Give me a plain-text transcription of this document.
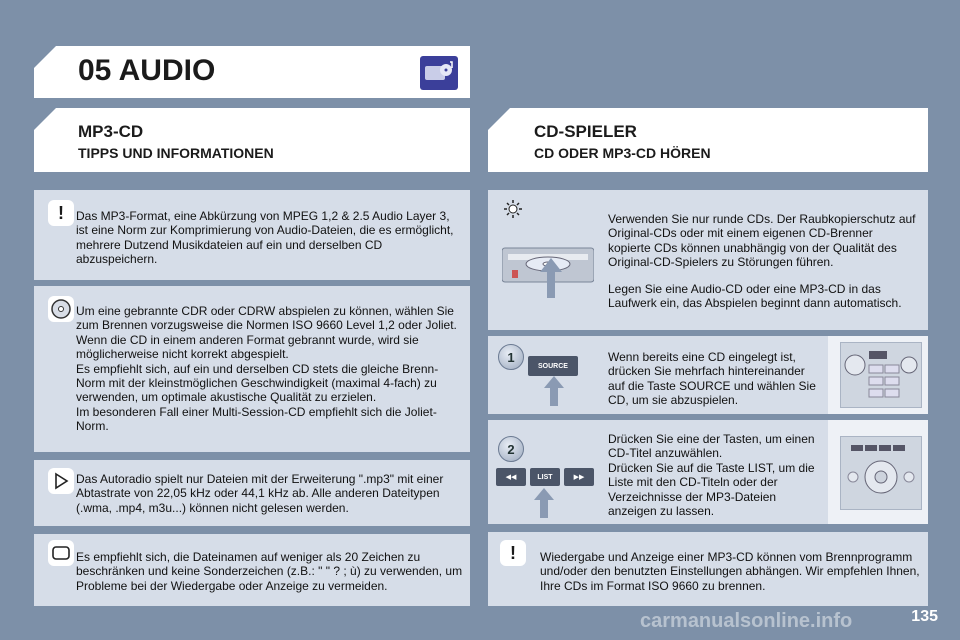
05 AUDIO
MP3-CD
TIPPS UND INFORMATIONEN
CD-SPIELER
CD ODER MP3-CD HÖREN
!	Das MP3-Format, eine Abkürzung von MPEG 1,2 & 2.5 Audio Layer 3, ist eine Norm zur Komprimierung von Audio-Dateien, die es ermöglicht, mehrere Dutzend Musikdateien auf ein und derselben CD abzuspeichern.
Um eine gebrannte CDR oder CDRW abspielen zu können, wählen Sie zum Brennen vorzugsweise die Normen ISO 9660 Level 1,2 oder Joliet.
Wenn die CD in einem anderen Format gebrannt wurde, wird sie möglicherweise nicht korrekt abgespielt.
Es empfiehlt sich, auf ein und derselben CD stets die gleiche Brenn-Norm mit der kleinstmöglichen Geschwindigkeit (maximal 4-fach) zu verwenden, um optimale akustische Qualität zu erzielen.
Im besonderen Fall einer Multi-Session-CD empfiehlt sich die Joliet-Norm.
Das Autoradio spielt nur Dateien mit der Erweiterung ".mp3" mit einer Abtastrate von 22,05 kHz oder 44,1 kHz ab. Alle anderen Dateitypen (.wma, .mp4, m3u...) können nicht gelesen werden.
Es empfiehlt sich, die Dateinamen auf weniger als 20 Zeichen zu beschränken und keine Sonderzeichen (z.B.: " " ? ; ù) zu verwenden, um Probleme bei der Wiedergabe oder Anzeige zu vermeiden.
Verwenden Sie nur runde CDs. Der Raubkopierschutz auf Original-CDs oder mit einem eigenen CD-Brenner kopierte CDs können unabhängig von der Qualität des Original-CD-Spielers zu Störungen führen.
Legen Sie eine Audio-CD oder eine MP3-CD in das Laufwerk ein, das Abspielen beginnt dann automatisch.
1
SOURCE
Wenn bereits eine CD eingelegt ist, drücken Sie mehrfach hintereinander auf die Taste SOURCE und wählen Sie CD, um sie abzuspielen.
2
◀◀	LIST	▶▶
Drücken Sie eine der Tasten, um einen CD-Titel anzuwählen.
Drücken Sie auf die Taste LIST, um die Liste mit den CD-Titeln oder der Verzeichnisse der MP3-Dateien anzeigen zu lassen.
!	Wiedergabe und Anzeige einer MP3-CD können vom Brennprogramm und/oder den benutzten Einstellungen abhängen. Wir empfehlen Ihnen, Ihre CDs im Format ISO 9660 zu brennen.
135
carmanualsonline.info
